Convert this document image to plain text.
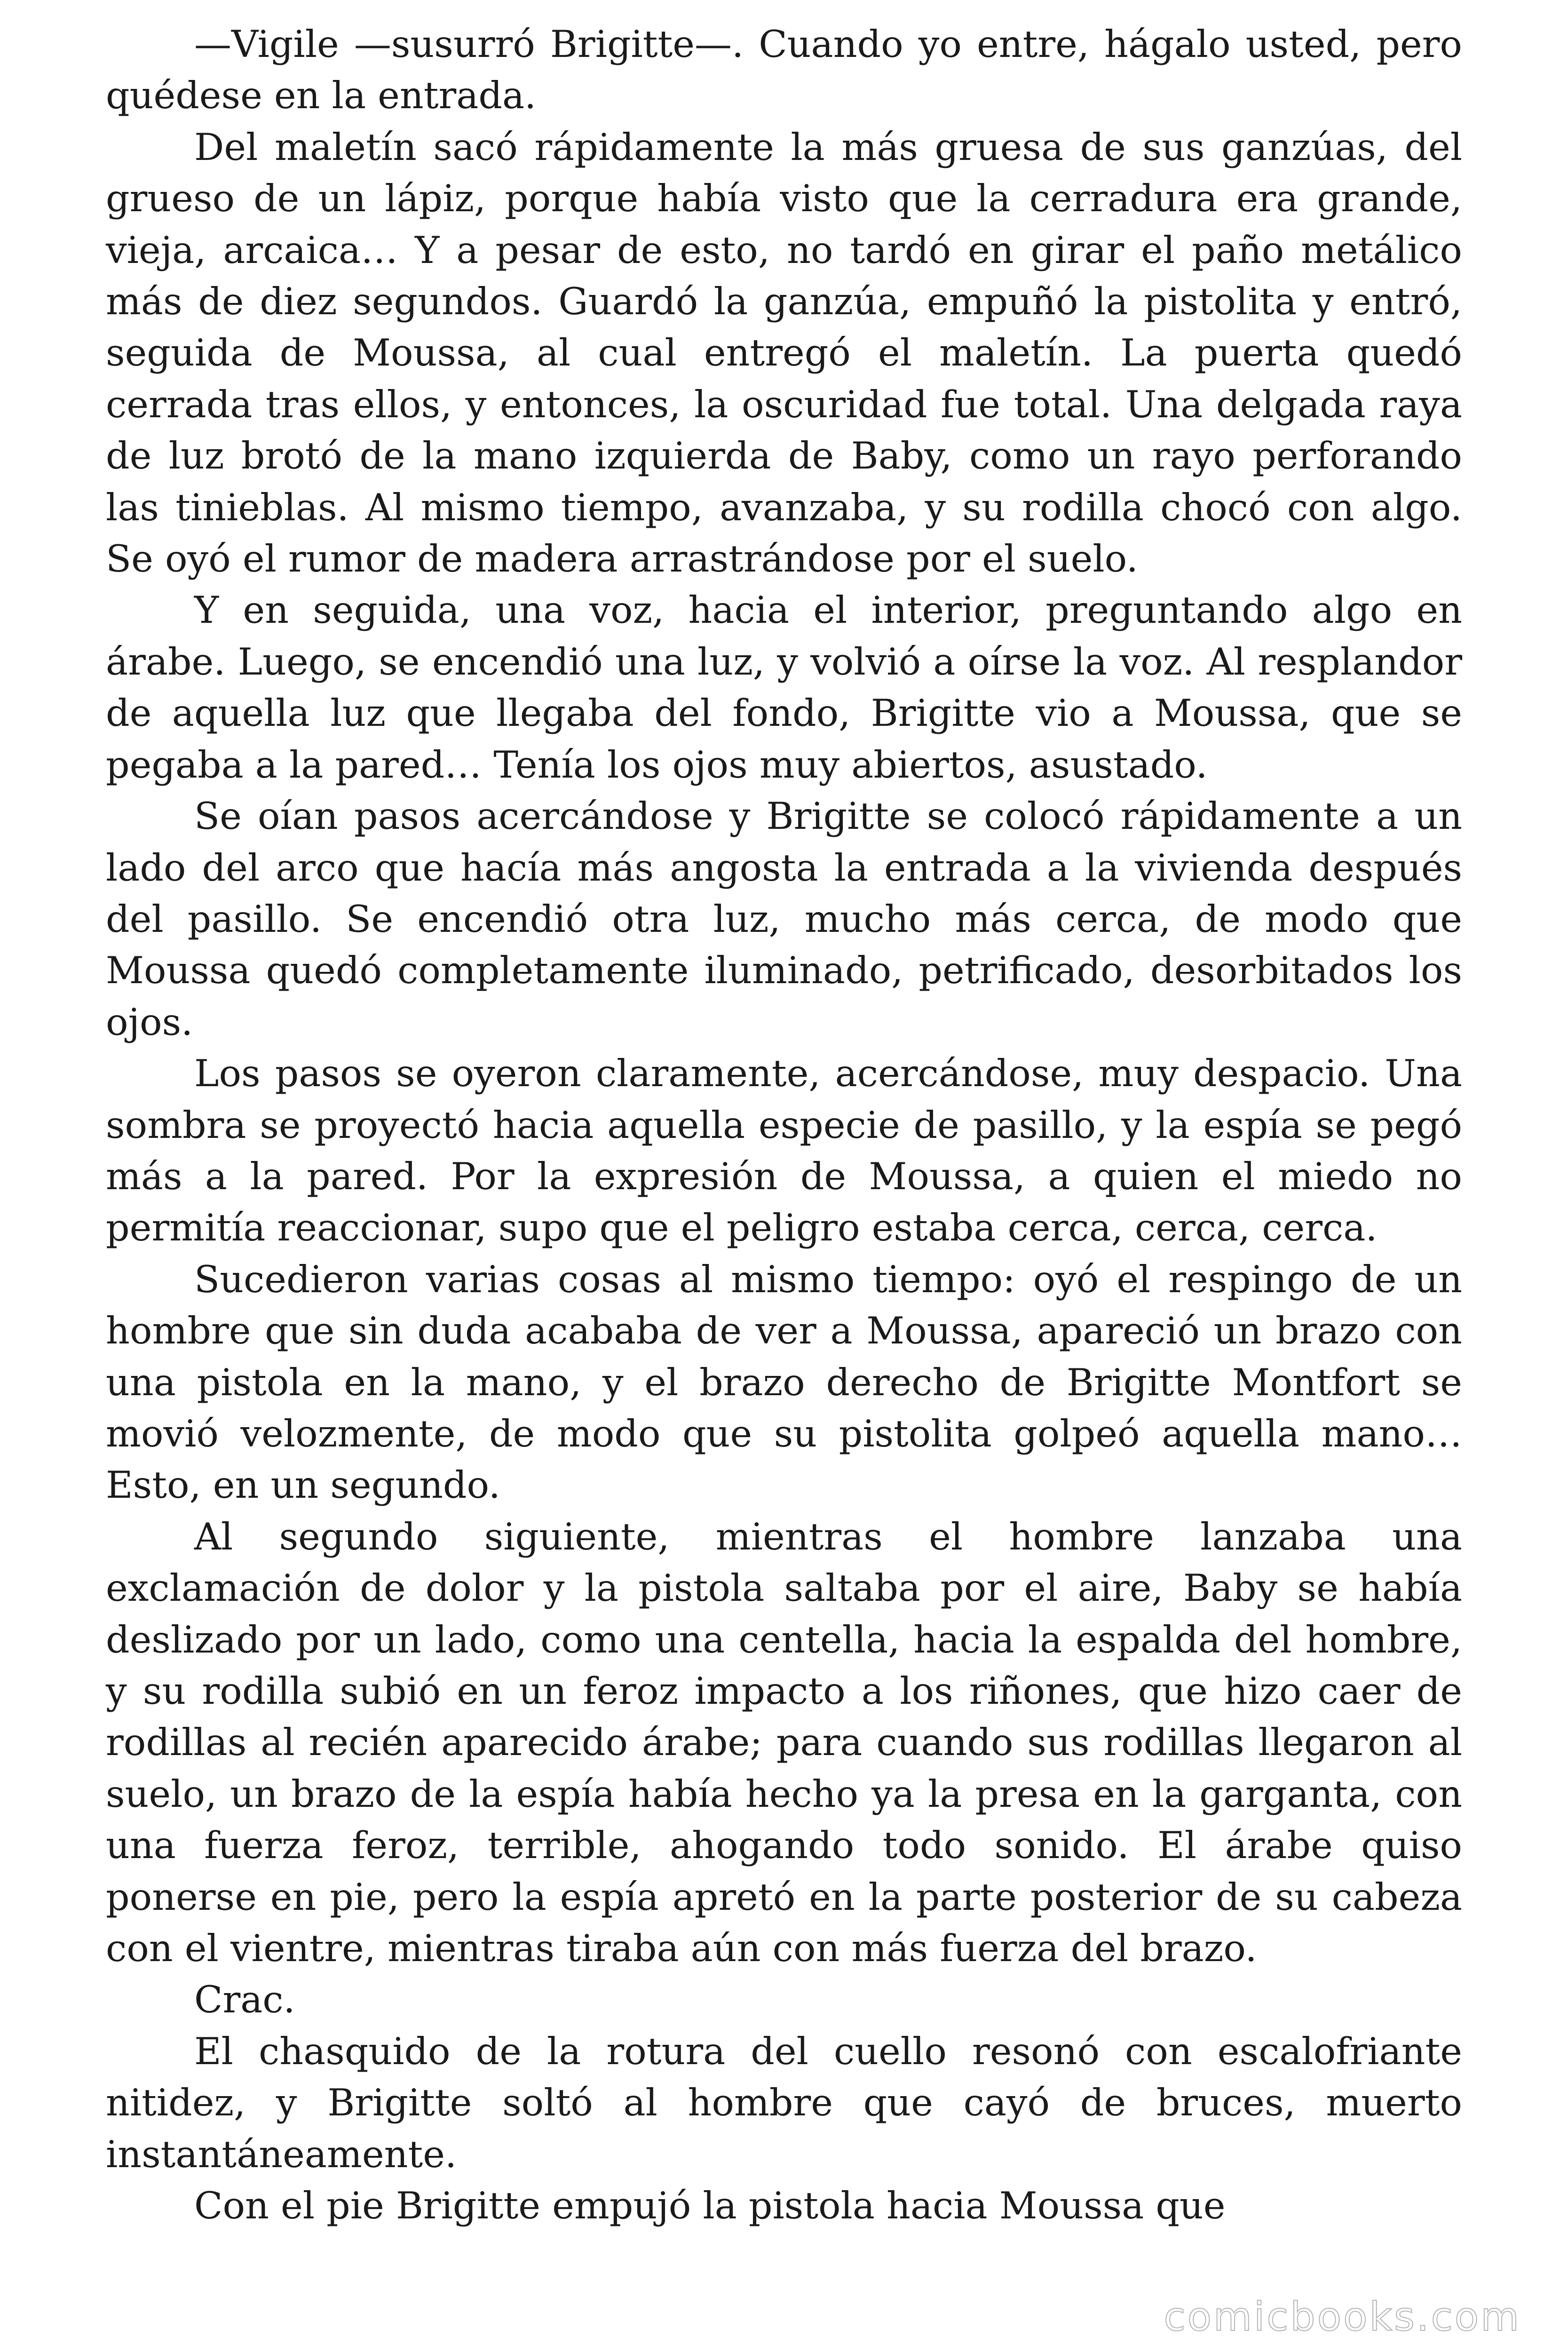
—Vigile —susurró Brigitte—. Cuando yo entre, hágalo usted, pero quédese en la entrada.

Del maletín sacó rápidamente la más gruesa de sus ganzúas, del grueso de un lápiz, porque había visto que la cerradura era grande, vieja, arcaica… Y a pesar de esto, no tardó en girar el paño metálico más de diez segundos. Guardó la ganzúa, empuñó la pistolita y entró, seguida de Moussa, al cual entregó el maletín. La puerta quedó cerrada tras ellos, y entonces, la oscuridad fue total. Una delgada raya de luz brotó de la mano izquierda de Baby, como un rayo perforando las tinieblas. Al mismo tiempo, avanzaba, y su rodilla chocó con algo. Se oyó el rumor de madera arrastrándose por el suelo.

Y en seguida, una voz, hacia el interior, preguntando algo en árabe. Luego, se encendió una luz, y volvió a oírse la voz. Al resplandor de aquella luz que llegaba del fondo, Brigitte vio a Moussa, que se pegaba a la pared… Tenía los ojos muy abiertos, asustado.

Se oían pasos acercándose y Brigitte se colocó rápidamente a un lado del arco que hacía más angosta la entrada a la vivienda después del pasillo. Se encendió otra luz, mucho más cerca, de modo que Moussa quedó completamente iluminado, petrificado, desorbitados los ojos.

Los pasos se oyeron claramente, acercándose, muy despacio. Una sombra se proyectó hacia aquella especie de pasillo, y la espía se pegó más a la pared. Por la expresión de Moussa, a quien el miedo no permitía reaccionar, supo que el peligro estaba cerca, cerca, cerca.

Sucedieron varias cosas al mismo tiempo: oyó el respingo de un hombre que sin duda acababa de ver a Moussa, apareció un brazo con una pistola en la mano, y el brazo derecho de Brigitte Montfort se movió velozmente, de modo que su pistolita golpeó aquella mano… Esto, en un segundo.

Al segundo siguiente, mientras el hombre lanzaba una exclamación de dolor y la pistola saltaba por el aire, Baby se había deslizado por un lado, como una centella, hacia la espalda del hombre, y su rodilla subió en un feroz impacto a los riñones, que hizo caer de rodillas al recién aparecido árabe; para cuando sus rodillas llegaron al suelo, un brazo de la espía había hecho ya la presa en la garganta, con una fuerza feroz, terrible, ahogando todo sonido. El árabe quiso ponerse en pie, pero la espía apretó en la parte posterior de su cabeza con el vientre, mientras tiraba aún con más fuerza del brazo.

Crac.

El chasquido de la rotura del cuello resonó con escalofriante nitidez, y Brigitte soltó al hombre que cayó de bruces, muerto instantáneamente.

Con el pie Brigitte empujó la pistola hacia Moussa que

comicbooks.com
